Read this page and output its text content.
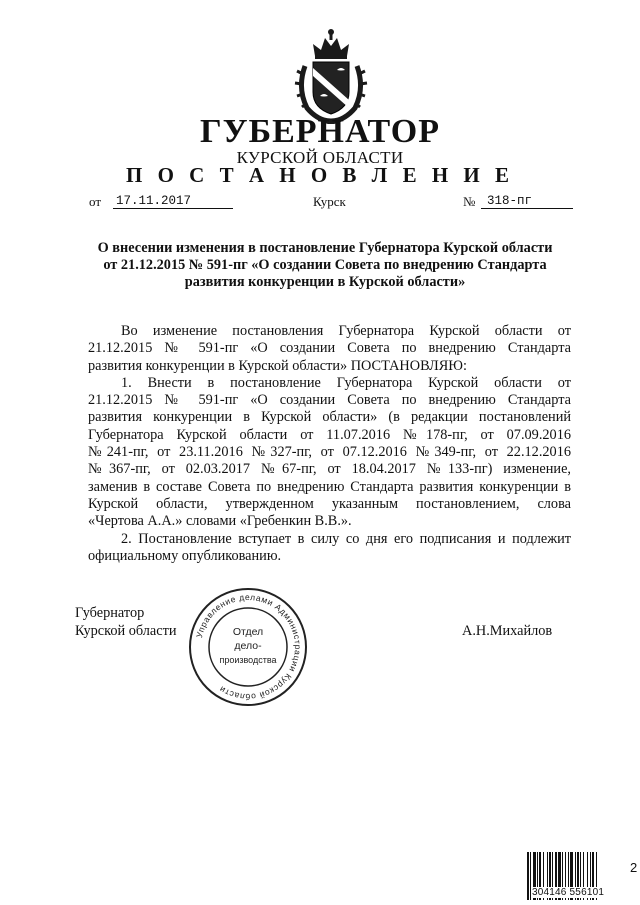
ГУБЕРНАТОР
КУРСКОЙ ОБЛАСТИ
П О С Т А Н О В Л Е Н И Е
от 17.11.2017	Курск	№ 318-пг
О внесении изменения в постановление Губернатора Курской области
от 21.12.2015 № 591-пг «О создании Совета по внедрению Стандарта
развития конкуренции в Курской области»
Во изменение постановления Губернатора Курской области от
21.12.2015 № 591-пг «О создании Совета по внедрению Стандарта
развития конкуренции в Курской области» ПОСТАНОВЛЯЮ:
1. Внести в постановление Губернатора Курской области от
21.12.2015 № 591-пг «О создании Совета по внедрению Стандарта
развития конкуренции в Курской области» (в редакции постановлений
Губернатора Курской области от 11.07.2016 №178-пг, от 07.09.2016
№241-пг, от 23.11.2016 №327-пг, от 07.12.2016 №349-пг, от 22.12.2016
№367-пг, от 02.03.2017 №67-пг, от 18.04.2017 №133-пг) изменение,
заменив в составе Совета по внедрению Стандарта развития конкуренции в
Курской области, утвержденном указанным постановлением, слова
«Чертова А.А.» словами «Гребенкин В.В.».
2. Постановление вступает в силу со дня его подписания и подлежит
официальному опубликованию.
Губернатор
Курской области	А.Н.Михайлов
Управление делами Администрации Курской области
Отдел
дело-
производства
304146 556101
2
